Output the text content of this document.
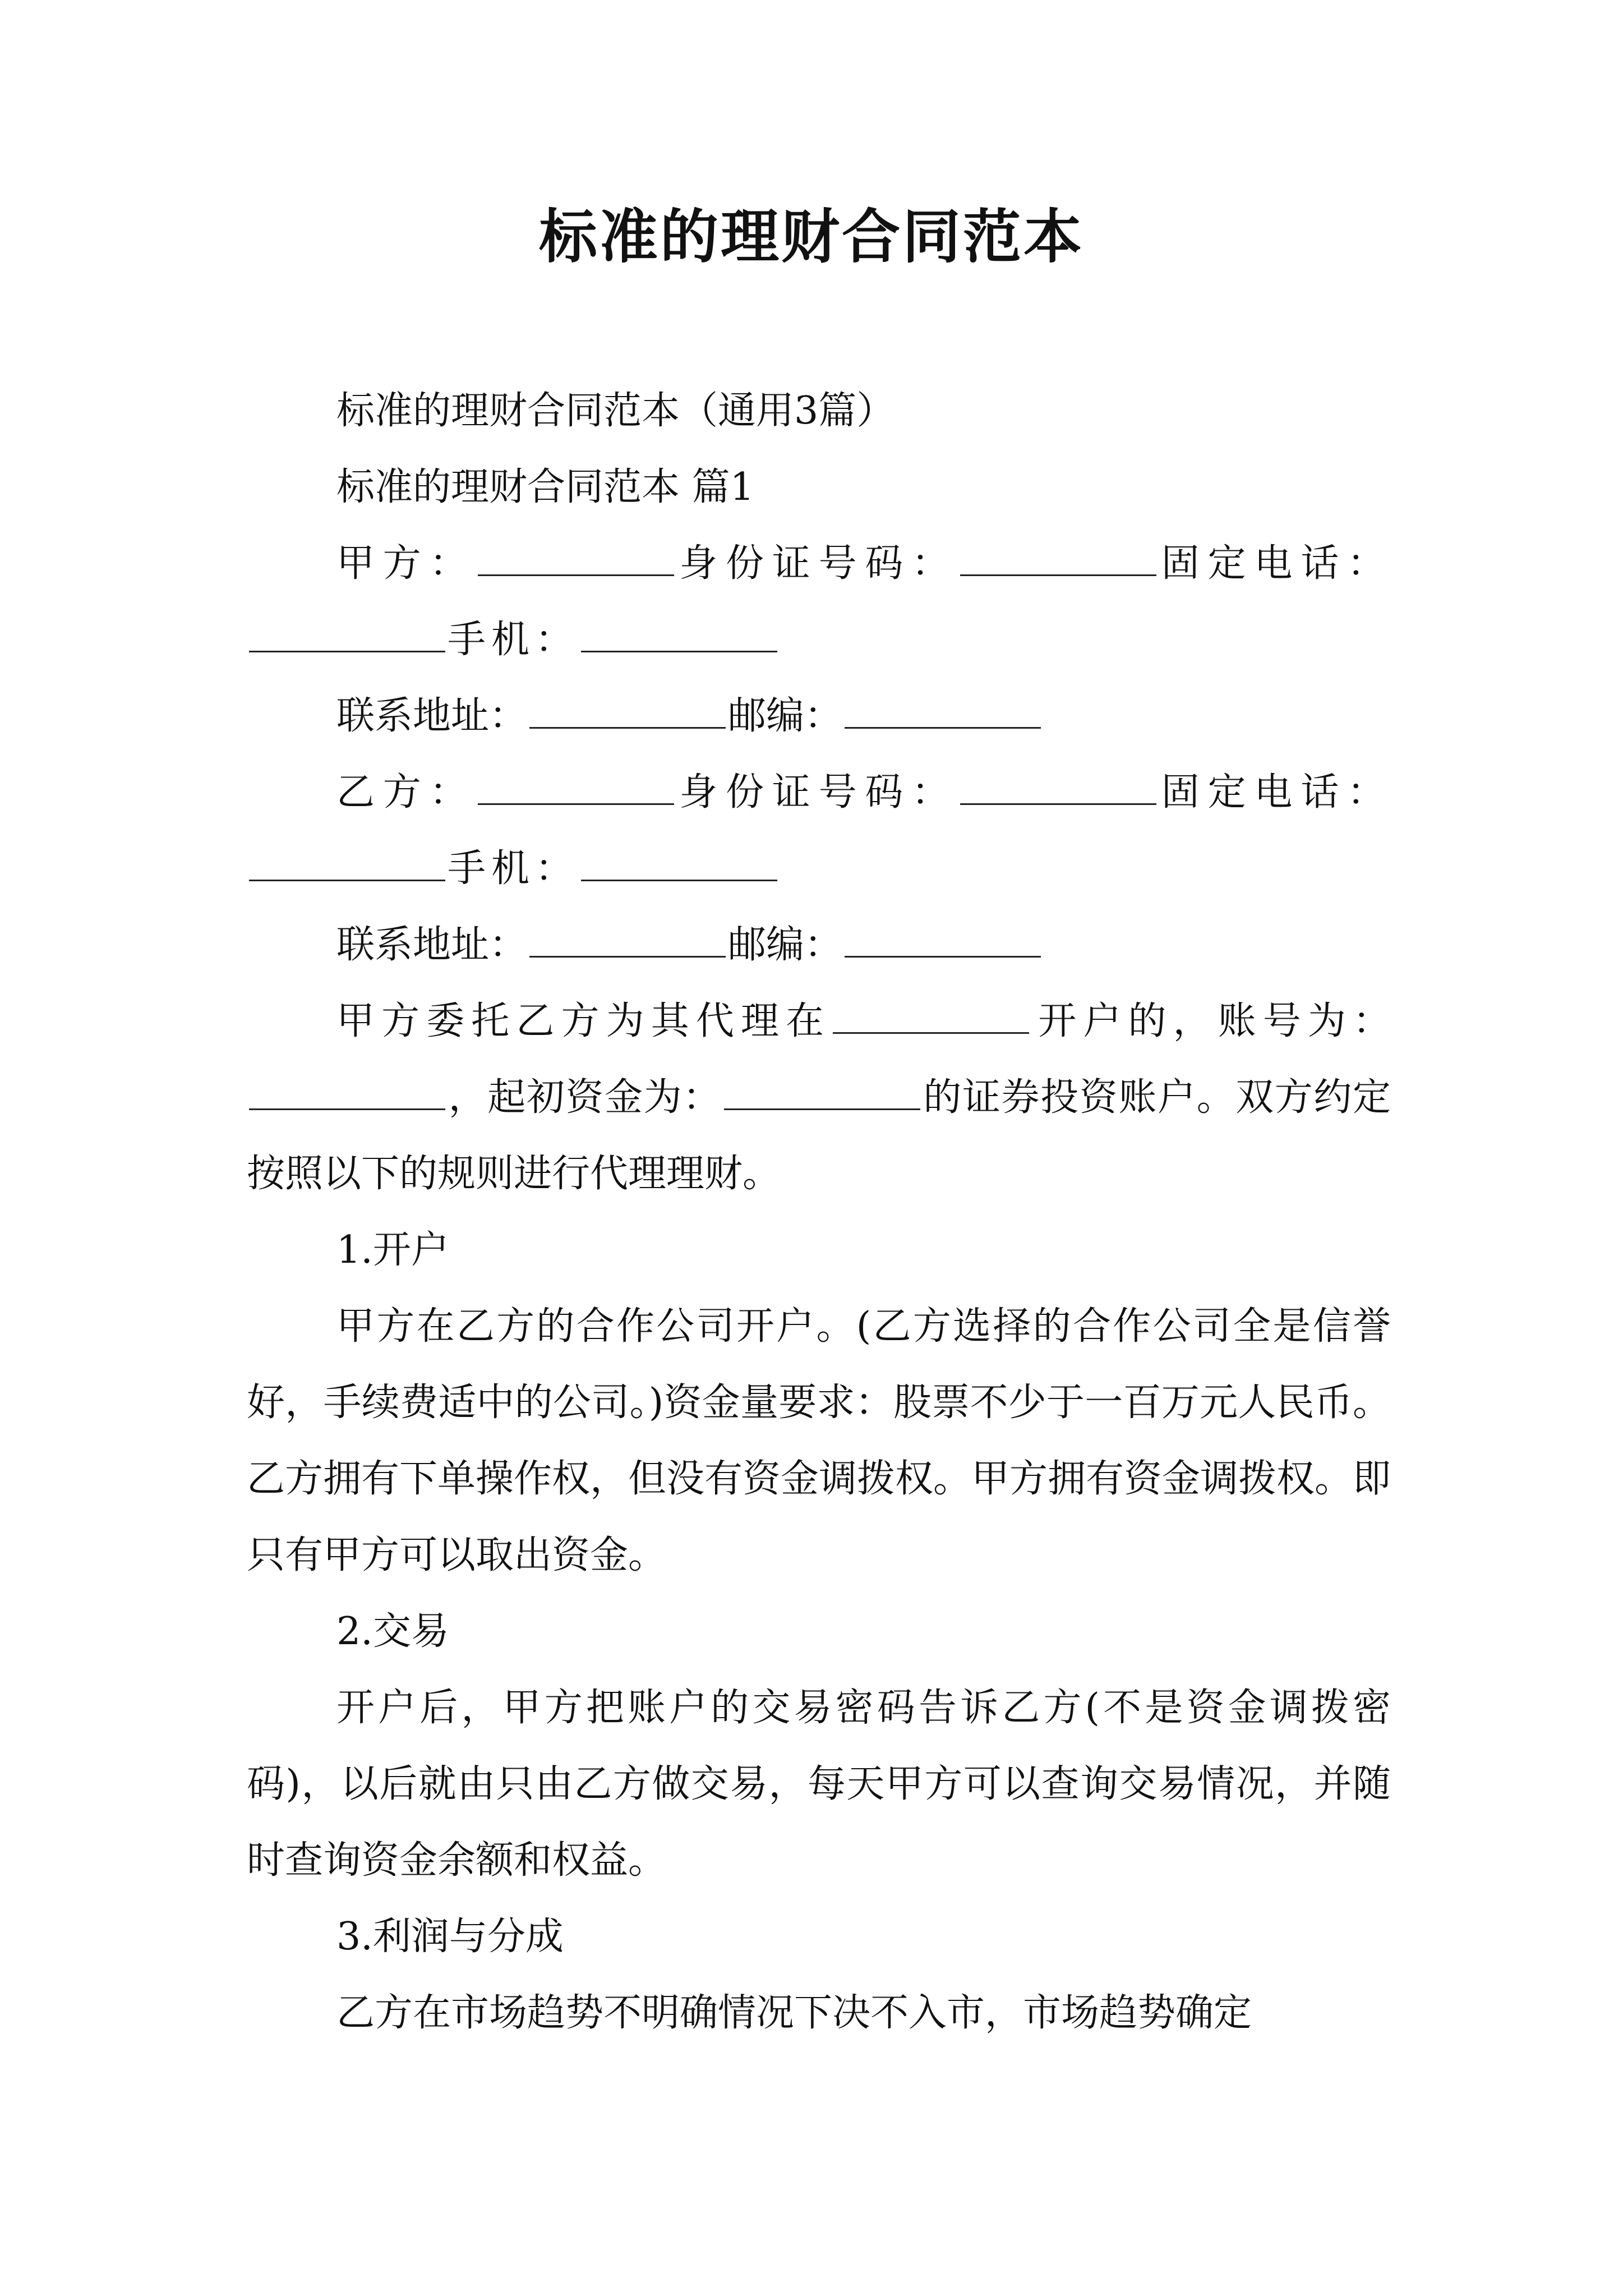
标准的理财合同范本

标准的理财合同范本（通用3篇）

标准的理财合同范本 篇1

甲方：	身份证号码：	固定电话：手机：

联系地址：	邮编：

乙方：	身份证号码：	固定电话：手机：

联系地址：	邮编：

甲方委托乙方为其代理在	开户的，账号为：，起初资金为：	的证券投资账户。双方约定按照以下的规则进行代理理财。

1.开户

甲方在乙方的合作公司开户。(乙方选择的合作公司全是信誉好，手续费适中的公司。)资金量要求：股票不少于一百万元人民币。乙方拥有下单操作权，但没有资金调拨权。甲方拥有资金调拨权。即只有甲方可以取出资金。

2.交易

开户后，甲方把账户的交易密码告诉乙方(不是资金调拨密码)，以后就由只由乙方做交易，每天甲方可以查询交易情况，并随时查询资金余额和权益。

3.利润与分成

乙方在市场趋势不明确情况下决不入市，市场趋势确定
